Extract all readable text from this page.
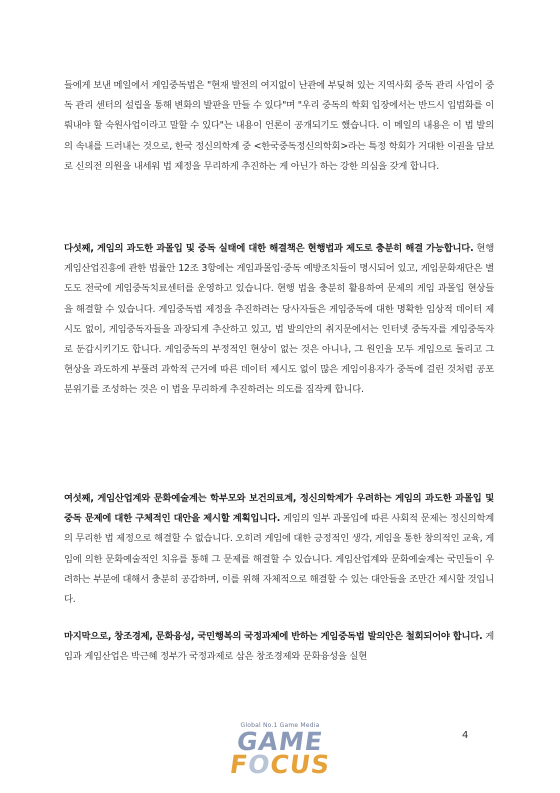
들에게 보낸 메일에서 게임중독법은 "현재 발전의 여지없이 난관에 부딪혀 있는 지역사회 중독 관리 사업이 중독 관리 센터의 설립을 통해 변화의 발판을 만들 수 있다"며 "우리 중독의 학회 입장에서는 반드시 입법화를 이뤄내야 할 숙원사업이라고 말할 수 있다"는 내용이 언론이 공개되기도 했습니다. 이 메일의 내용은 이 법 발의의 속내를 드러내는 것으로, 한국 정신의학계 중 <한국중독정신의학회>라는 특정 학회가 거대한 이권을 담보로 신의전 의원을 내세워 법 제정을 무리하게 추진하는 게 아닌가 하는 강한 의심을 갖게 합니다.

다섯째, 게임의 과도한 과몰입 및 중독 실태에 대한 해결책은 현행법과 제도로 충분히 해결 가능합니다. 현행 게임산업진흥에 관한 법률안 12조 3항에는 게임과몰입·중독 예방조치들이 명시되어 있고, 게임문화재단은 별도도 전국에 게임중독치료센터를 운영하고 있습니다. 현행 법을 충분히 활용하여 문제의 게임 과몰입 현상들을 해결할 수 있습니다. 게임중독법 제정을 추진하려는 당사자들은 게임중독에 대한 명확한 임상적 데이터 제시도 없이, 게임중독자들을 과장되게 추산하고 있고, 법 발의안의 취지문에서는 인터넷 중독자를 게임중독자로 둔갑시키기도 합니다. 게임중독의 부정적인 현상이 없는 것은 아니나, 그 원인을 모두 게임으로 돌리고 그 현상을 과도하게 부풀려 과학적 근거에 따른 데이터 제시도 없이 많은 게임이용자가 중독에 걸린 것처럼 공포 분위기를 조성하는 것은 이 법을 무리하게 추진하려는 의도를 짐작케 합니다.

여섯째, 게임산업계와 문화예술계는 학부모와 보건의료계, 정신의학계가 우려하는 게임의 과도한 과몰입 및 중독 문제에 대한 구체적인 대안을 제시할 계획입니다. 게임의 일부 과몰입에 따른 사회적 문제는 정신의학계의 무리한 법 제정으로 해결할 수 없습니다. 오히려 게임에 대한 긍정적인 생각, 게임을 통한 창의적인 교육, 게임에 의한 문화예술적인 치유를 통해 그 문제를 해결할 수 있습니다. 게임산업계와 문화예술계는 국민들이 우려하는 부분에 대해서 충분히 공감하며, 이를 위해 자체적으로 해결할 수 있는 대안들을 조만간 제시할 것입니다.

마지막으로, 창조경제, 문화융성, 국민행복의 국정과제에 반하는 게임중독법 발의안은 철회되어야 합니다. 게임과 게임산업은 박근혜 정부가 국정과제로 삼은 창조경제와 문화융성을 실현

4
Global No.1 Game Media
GAME
FOCUS
